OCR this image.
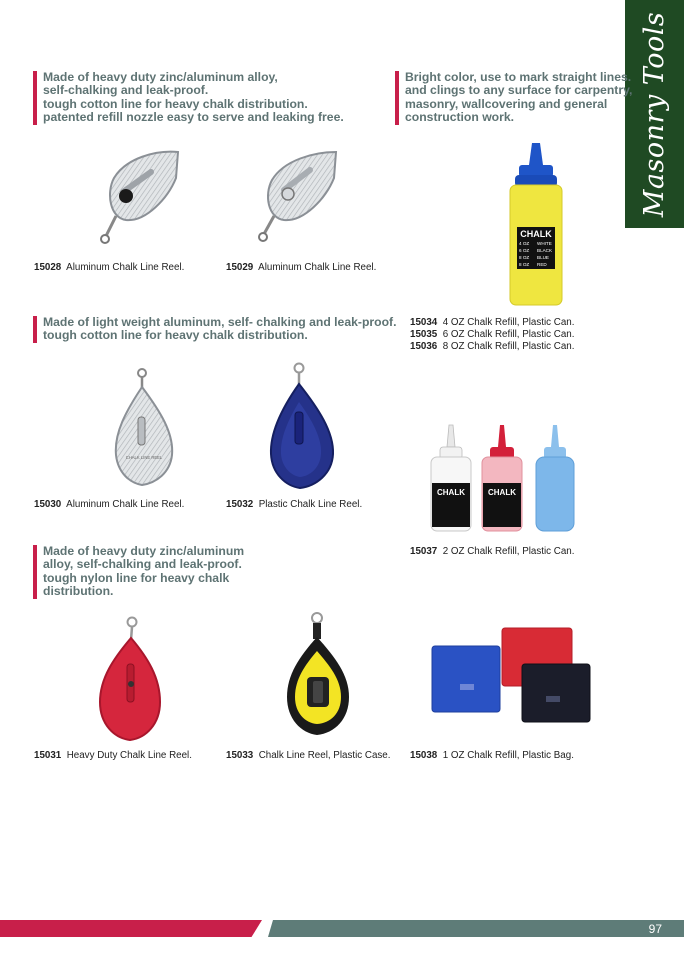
Masonry Tools
Made of heavy duty zinc/aluminum alloy,
self-chalking and leak-proof.
tough cotton line for heavy chalk distribution.
patented refill nozzle easy to serve and leaking free.
Bright color, use to mark straight lines.
and clings to any surface for carpentry,
masonry, wallcovering and general
construction work.
Made of light weight aluminum, self- chalking and leak-proof.
tough cotton line for heavy chalk distribution.
Made of heavy duty zinc/aluminum
alloy, self-chalking and leak-proof.
tough nylon line for heavy chalk
distribution.
CHALK
4 OZ WHITE
6 OZ BLACK
8 OZ BLUE
8 OZ RED
CHALK LINE REEL
CHALK	CHALK
15028 Aluminum Chalk Line Reel.	15029 Aluminum Chalk Line Reel.
15034 4 OZ Chalk Refill, Plastic Can.
15035 6 OZ Chalk Refill, Plastic Can.
15036 8 OZ Chalk Refill, Plastic Can.
15030 Aluminum Chalk Line Reel.	15032 Plastic Chalk Line Reel.
15037 2 OZ Chalk Refill, Plastic Can.
15031 Heavy Duty Chalk Line Reel.	15033 Chalk Line Reel, Plastic Case. 15038 1 OZ Chalk Refill, Plastic Bag.
97
